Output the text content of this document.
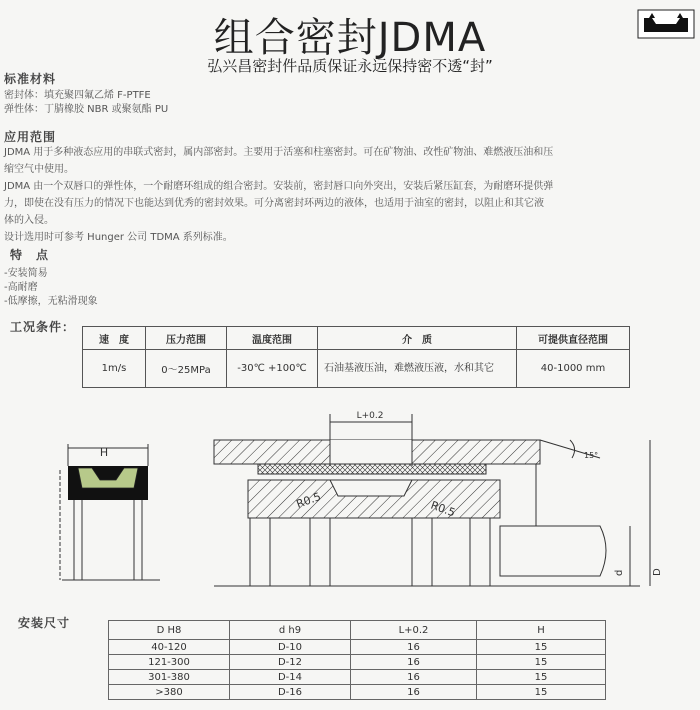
组合密封JDMA
弘兴昌密封件品质保证永远保持密不透“封”
标准材料
密封体：填充聚四氟乙烯 F-PTFE
弹性体：丁腈橡胶 NBR 或聚氨酯 PU
应用范围
JDMA 用于多种液态应用的串联式密封，属内部密封。主要用于活塞和柱塞密封。可在矿物油、改性矿物油、难燃液压油和压
缩空气中使用。
JDMA 由一个双唇口的弹性体，一个耐磨环组成的组合密封。安装前，密封唇口向外突出，安装后紧压缸套，为耐磨环提供弹
力，即使在没有压力的情况下也能达到优秀的密封效果。可分离密封环两边的液体，也适用于油室的密封，以阻止和其它液
体的入侵。
设计选用时可参考 Hunger 公司 TDMA 系列标准。
特　点
-安装简易
-高耐磨
-低摩擦，无粘滑现象
工况条件：
速　度	压力范围	温度范围	介　质	可提供直径范围
1m/s	0～25MPa	-30℃ +100℃	石油基液压油，难燃液压液，水和其它	40-1000 mm
H
L+0.2
R0.5	R0.5
15°
d	D
安装尺寸	D H8	d h9	L+0.2	H
40-120	D-10	16	15
121-300	D-12	16	15
301-380	D-14	16	15
>380	D-16	16	15
